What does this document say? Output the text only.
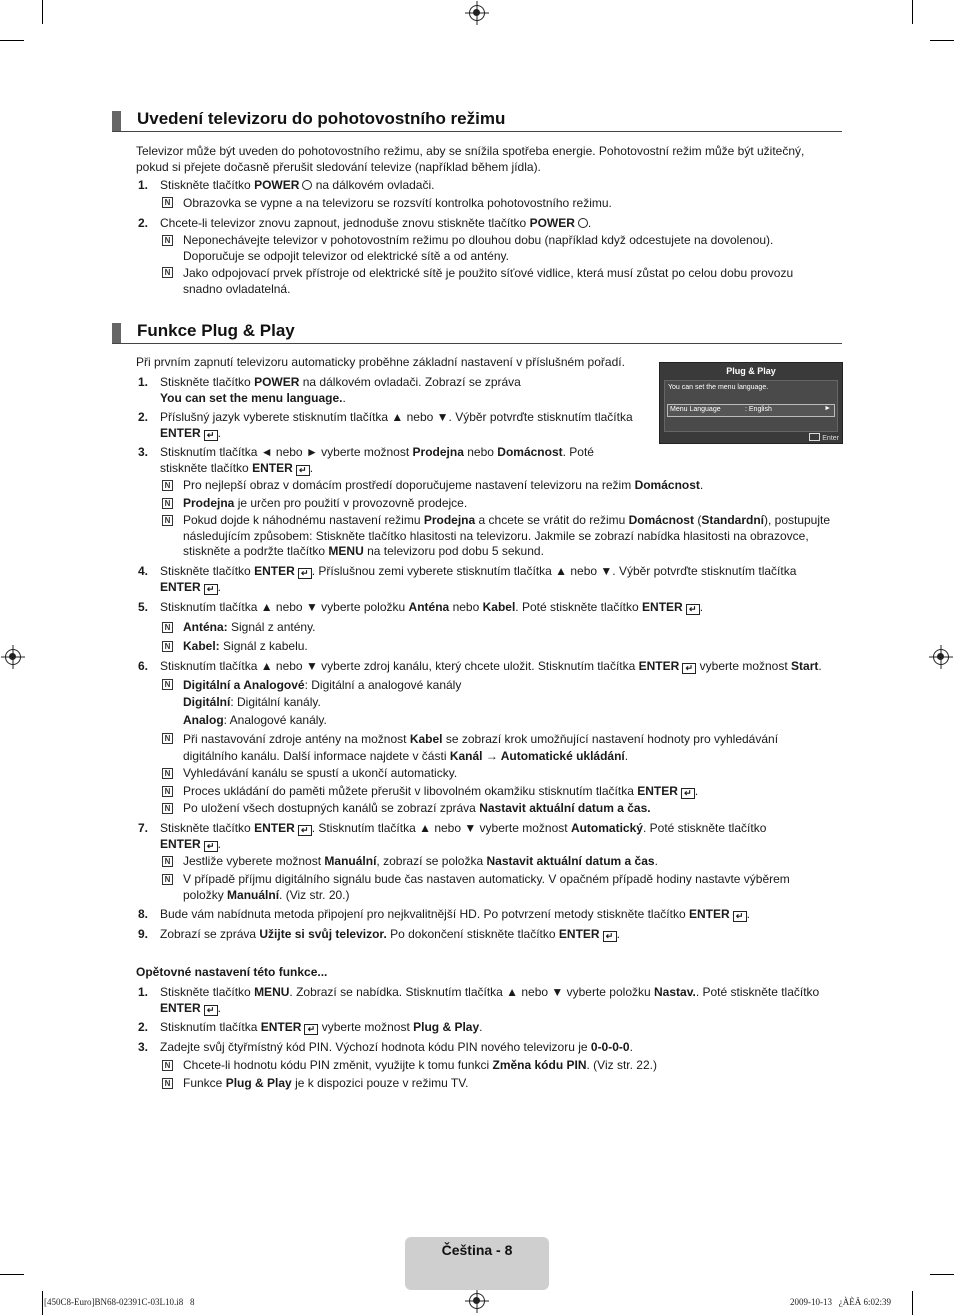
Uvedení televizoru do pohotovostního režimu
Televizor může být uveden do pohotovostního režimu, aby se snížila spotřeba energie. Pohotovostní režim může být užitečný,
pokud si přejete dočasně přerušit sledování televize (například během jídla).
1. Stiskněte tlačítko POWER na dálkovém ovladači.
N Obrazovka se vypne a na televizoru se rozsvítí kontrolka pohotovostního režimu.
2. Chcete-li televizor znovu zapnout, jednoduše znovu stiskněte tlačítko POWER .
N Neponechávejte televizor v pohotovostním režimu po dlouhou dobu (například když odcestujete na dovolenou).
Doporučuje se odpojit televizor od elektrické sítě a od antény.
N Jako odpojovací prvek přístroje od elektrické sítě je použito síťové vidlice, která musí zůstat po celou dobu provozu
snadno ovladatelná.
Funkce Plug & Play
Při prvním zapnutí televizoru automaticky proběhne základní nastavení v příslušném pořadí.
Plug & Play
You can set the menu language.
Menu Language	: English	►
Enter
1. Stiskněte tlačítko POWER na dálkovém ovladači. Zobrazí se zpráva
You can set the menu language..
2. Příslušný jazyk vyberete stisknutím tlačítka ▲ nebo ▼. Výběr potvrďte stisknutím tlačítka
ENTER ↵ .
3. Stisknutím tlačítka ◄ nebo ► vyberte možnost Prodejna nebo Domácnost. Poté
stiskněte tlačítko ENTER ↵ .
N Pro nejlepší obraz v domácím prostředí doporučujeme nastavení televizoru na režim Domácnost.
N Prodejna je určen pro použití v provozovně prodejce.
N Pokud dojde k náhodnému nastavení režimu Prodejna a chcete se vrátit do režimu Domácnost (Standardní), postupujte
následujícím způsobem: Stiskněte tlačítko hlasitosti na televizoru. Jakmile se zobrazí nabídka hlasitosti na obrazovce,
stiskněte a podržte tlačítko MENU na televizoru pod dobu 5 sekund.
4. Stiskněte tlačítko ENTER ↵ . Příslušnou zemi vyberete stisknutím tlačítka ▲ nebo ▼. Výběr potvrďte stisknutím tlačítka
ENTER ↵ .
5. Stisknutím tlačítka ▲ nebo ▼ vyberte položku Anténa nebo Kabel. Poté stiskněte tlačítko ENTER ↵ .
N Anténa: Signál z antény.
N Kabel: Signál z kabelu.
6. Stisknutím tlačítka ▲ nebo ▼ vyberte zdroj kanálu, který chcete uložit. Stisknutím tlačítka ENTER ↵ vyberte možnost Start.
N Digitální a Analogové: Digitální a analogové kanály
Digitální: Digitální kanály.
Analog: Analogové kanály.
N Při nastavování zdroje antény na možnost Kabel se zobrazí krok umožňující nastavení hodnoty pro vyhledávání
digitálního kanálu. Další informace najdete v části Kanál → Automatické ukládání.
N Vyhledávání kanálu se spustí a ukončí automaticky.
N Proces ukládání do paměti můžete přerušit v libovolném okamžiku stisknutím tlačítka ENTER ↵ .
N Po uložení všech dostupných kanálů se zobrazí zpráva Nastavit aktuální datum a čas.
7. Stiskněte tlačítko ENTER ↵ . Stisknutím tlačítka ▲ nebo ▼ vyberte možnost Automatický. Poté stiskněte tlačítko
ENTER ↵ .
N Jestliže vyberete možnost Manuální, zobrazí se položka Nastavit aktuální datum a čas.
N V případě příjmu digitálního signálu bude čas nastaven automaticky. V opačném případě hodiny nastavte výběrem
položky Manuální. (Viz str. 20.)
8. Bude vám nabídnuta metoda připojení pro nejkvalitnější HD. Po potvrzení metody stiskněte tlačítko ENTER ↵ .
9. Zobrazí se zpráva Užijte si svůj televizor. Po dokončení stiskněte tlačítko ENTER ↵ .
Opětovné nastavení této funkce...
1. Stiskněte tlačítko MENU. Zobrazí se nabídka. Stisknutím tlačítka ▲ nebo ▼ vyberte položku Nastav.. Poté stiskněte tlačítko
ENTER ↵ .
2. Stisknutím tlačítka ENTER ↵ vyberte možnost Plug & Play.
3. Zadejte svůj čtyřmístný kód PIN. Výchozí hodnota kódu PIN nového televizoru je 0-0-0-0.
N Chcete-li hodnotu kódu PIN změnit, využijte k tomu funkci Změna kódu PIN. (Viz str. 22.)
N Funkce Plug & Play je k dispozici pouze v režimu TV.
Čeština - 8
[450C8-Euro]BN68-02391C-03L10.i8   8	2009-10-13   ¿ÀÈÄ 6:02:39
